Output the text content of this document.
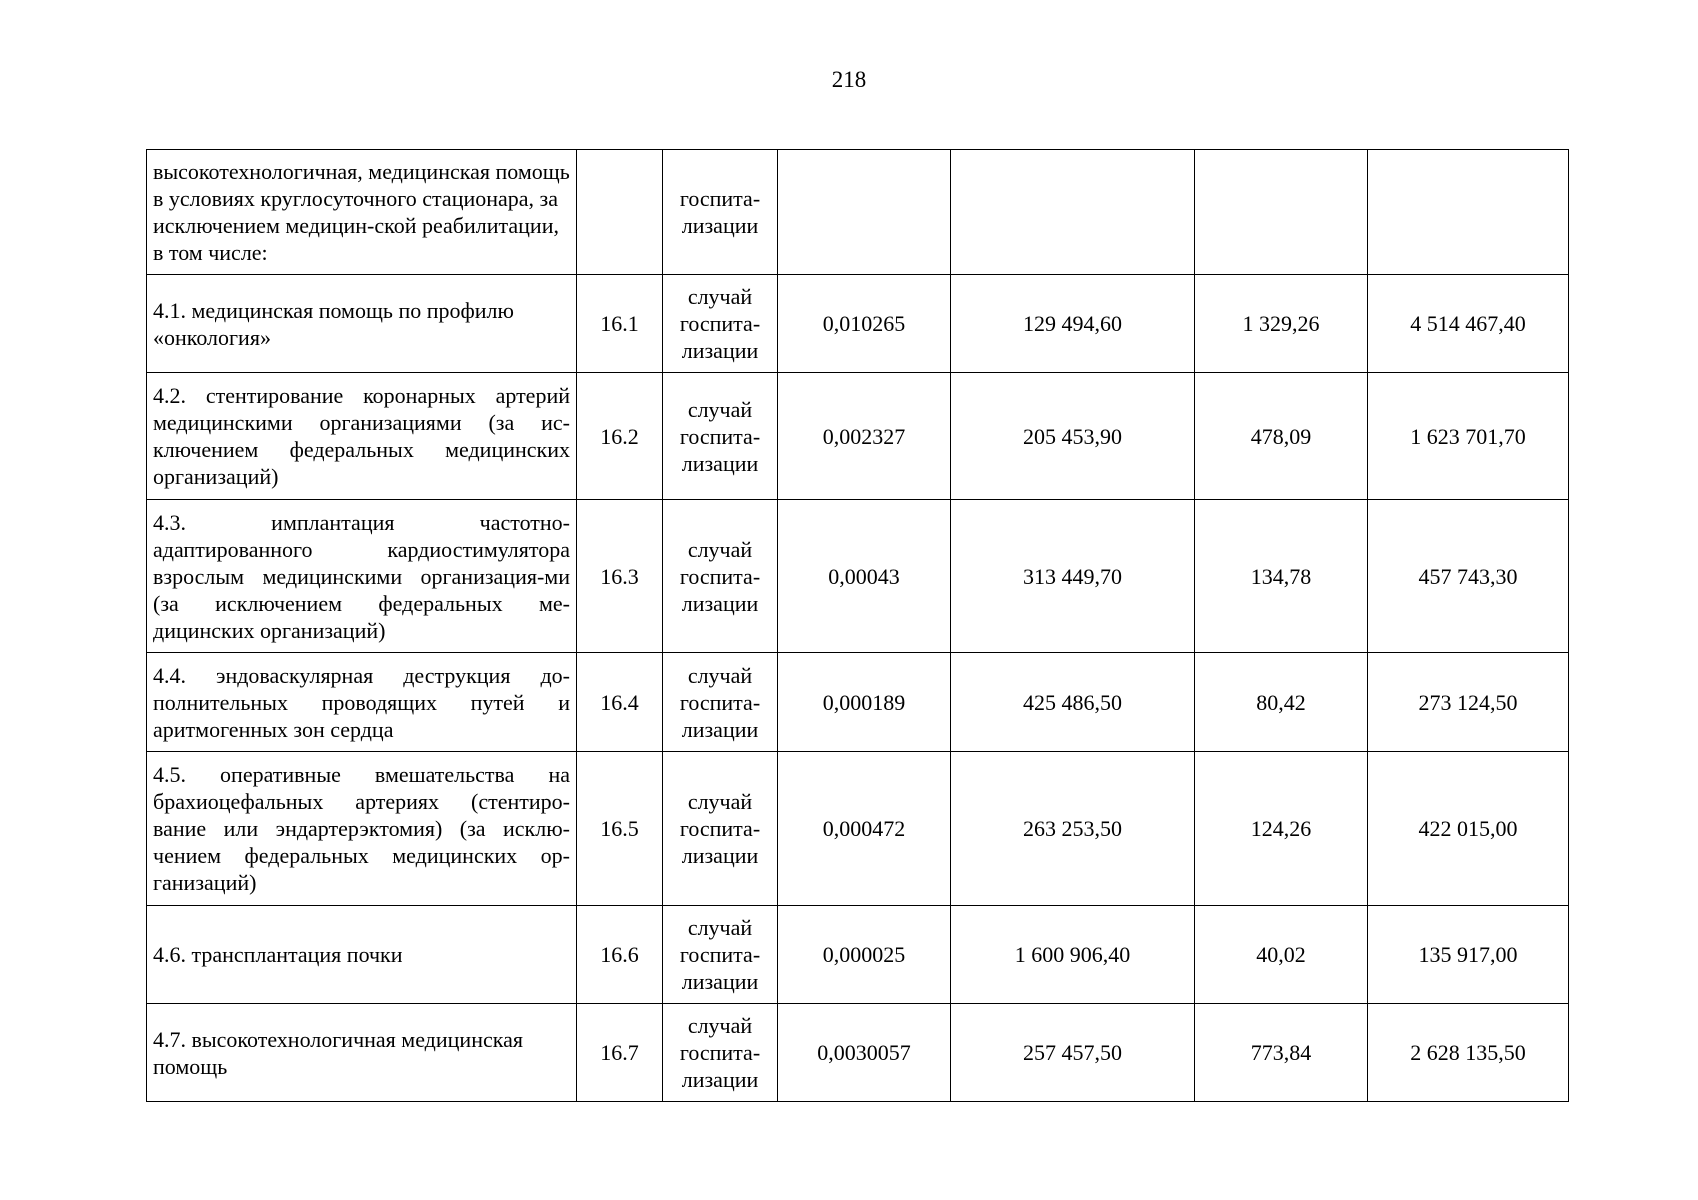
218
высокотехнологичная, медицинская помощь в условиях круглосуточного стационара, за исключением медицин-ской реабилитации, в том числе:		госпита-лизации				

4.1. медицинская помощь по профилю «онкология»	16.1	случай госпита-лизации	0,010265	129 494,60	1 329,26	4 514 467,40
4.2. стентирование коронарных артерий медицинскими организациями (за ис-ключением федеральных медицинских организаций)	16.2	случай госпита-лизации	0,002327	205 453,90	478,09	1 623 701,70
4.3. имплантация частотно-адаптированного кардиостимулятора взрослым медицинскими организация-ми (за исключением федеральных ме-дицинских организаций)	16.3	случай госпита-лизации	0,00043	313 449,70	134,78	457 743,30
4.4. эндоваскулярная деструкция до-полнительных проводящих путей и аритмогенных зон сердца	16.4	случай госпита-лизации	0,000189	425 486,50	80,42	273 124,50
4.5. оперативные вмешательства на брахиоцефальных артериях (стентиро-вание или эндартерэктомия) (за исклю-чением федеральных медицинских ор-ганизаций)	16.5	случай госпита-лизации	0,000472	263 253,50	124,26	422 015,00
4.6. трансплантация почки	16.6	случай госпита-лизации	0,000025	1 600 906,40	40,02	135 917,00
4.7. высокотехнологичная медицинская помощь	16.7	случай госпита-лизации	0,0030057	257 457,50	773,84	2 628 135,50
